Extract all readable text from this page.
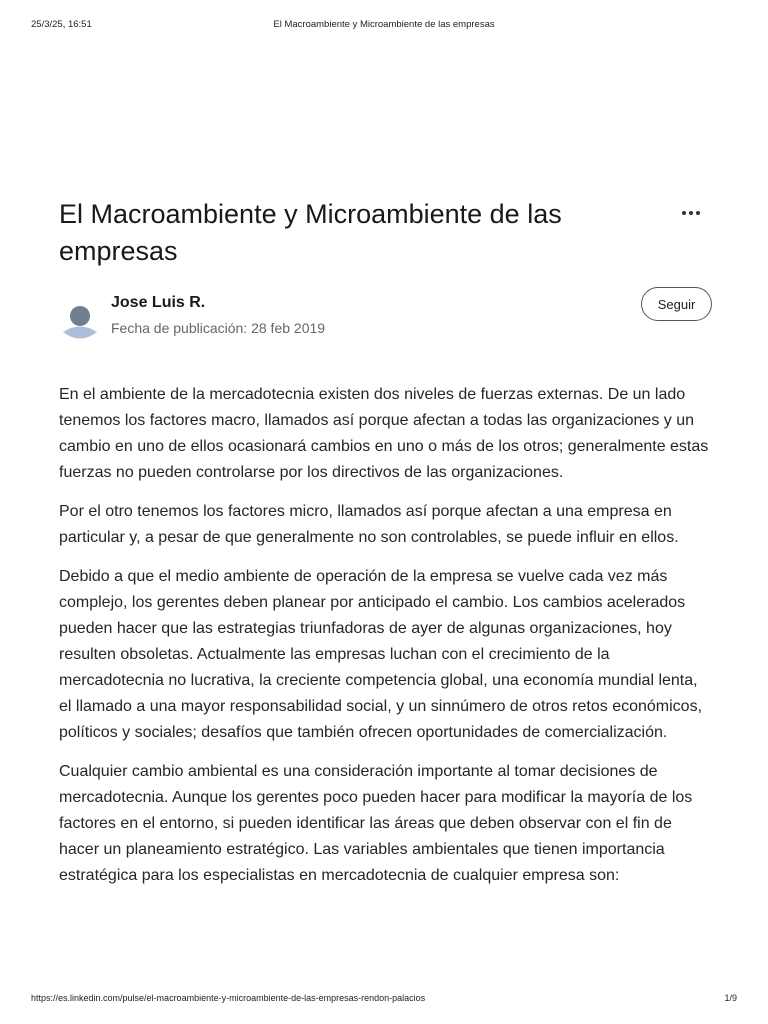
25/3/25, 16:51	El Macroambiente y Microambiente de las empresas
El Macroambiente y Microambiente de las empresas
Jose Luis R.
Fecha de publicación: 28 feb 2019
Seguir

En el ambiente de la mercadotecnia existen dos niveles de fuerzas externas. De un lado tenemos los factores macro, llamados así porque afectan a todas las organizaciones y un cambio en uno de ellos ocasionará cambios en uno o más de los otros; generalmente estas fuerzas no pueden controlarse por los directivos de las organizaciones.

Por el otro tenemos los factores micro, llamados así porque afectan a una empresa en particular y, a pesar de que generalmente no son controlables, se puede influir en ellos.

Debido a que el medio ambiente de operación de la empresa se vuelve cada vez más complejo, los gerentes deben planear por anticipado el cambio. Los cambios acelerados pueden hacer que las estrategias triunfadoras de ayer de algunas organizaciones, hoy resulten obsoletas. Actualmente las empresas luchan con el crecimiento de la mercadotecnia no lucrativa, la creciente competencia global, una economía mundial lenta, el llamado a una mayor responsabilidad social, y un sinnúmero de otros retos económicos, políticos y sociales; desafíos que también ofrecen oportunidades de comercialización.

Cualquier cambio ambiental es una consideración importante al tomar decisiones de mercadotecnia. Aunque los gerentes poco pueden hacer para modificar la mayoría de los factores en el entorno, si pueden identificar las áreas que deben observar con el fin de hacer un planeamiento estratégico. Las variables ambientales que tienen importancia estratégica para los especialistas en mercadotecnia de cualquier empresa son:

https://es.linkedin.com/pulse/el-macroambiente-y-microambiente-de-las-empresas-rendon-palacios	1/9
